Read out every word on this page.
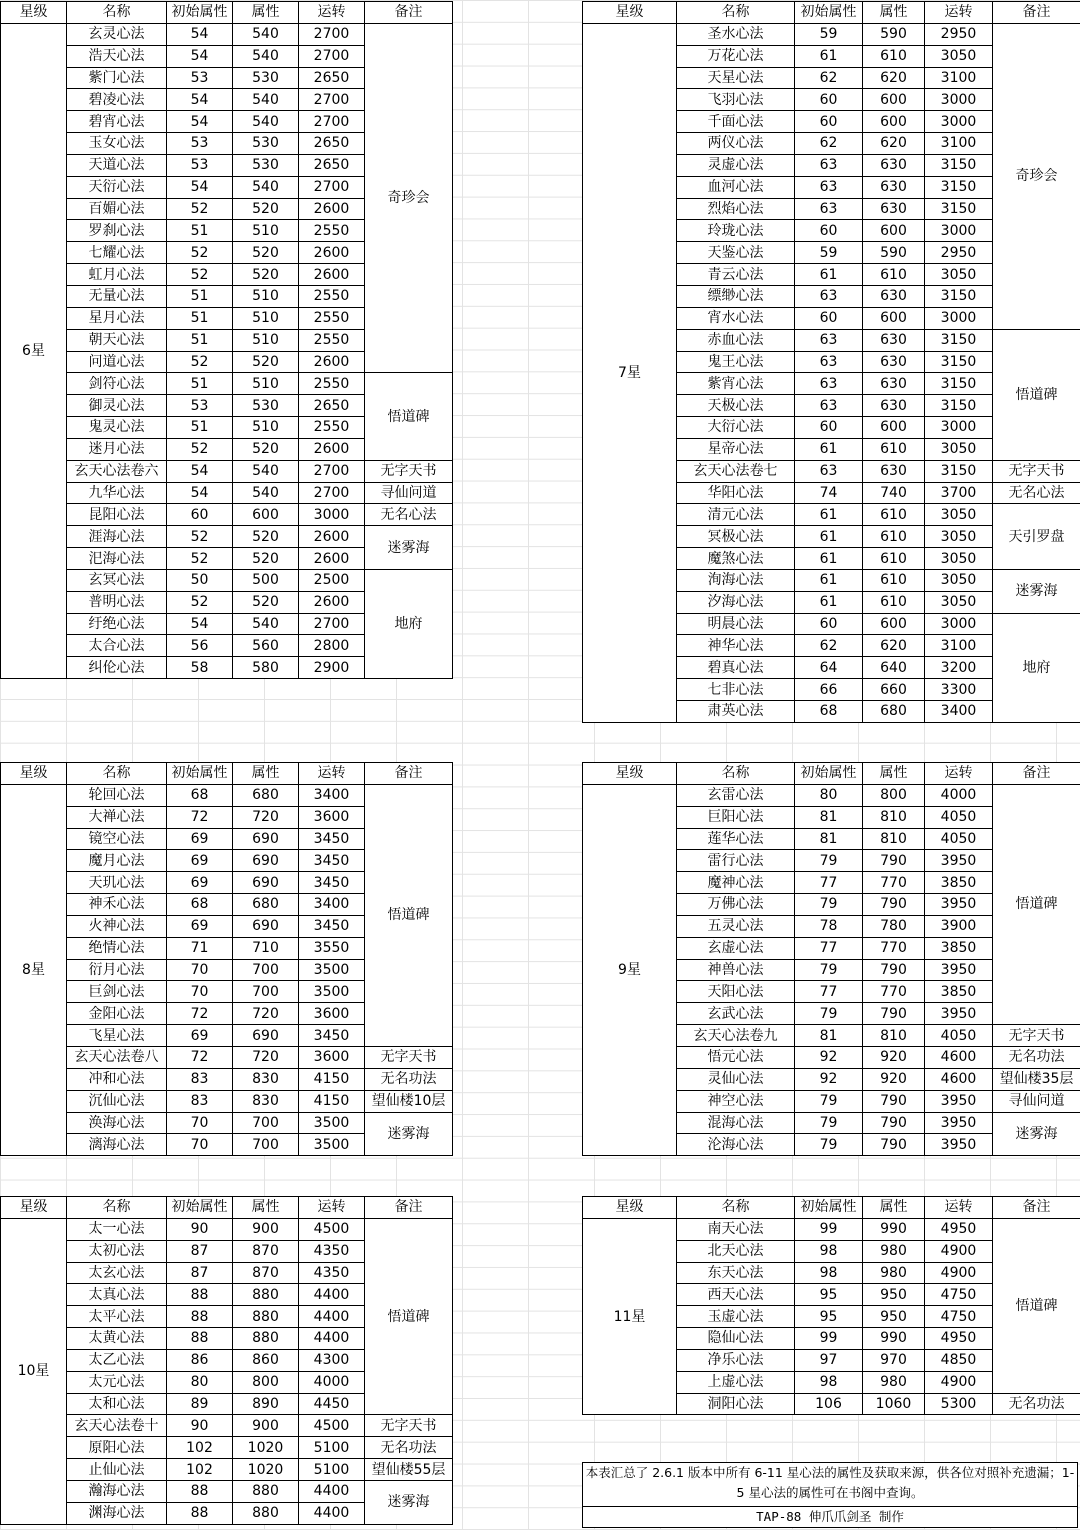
星级	名称	初始属性	属性	运转	备注
6星	玄灵心法	54	540	2700	奇珍会
	浩天心法	54	540	2700	
	紫门心法	53	530	2650	
	碧凌心法	54	540	2700	
	碧宵心法	54	540	2700	
	玉女心法	53	530	2650	
	天道心法	53	530	2650	
	天衍心法	54	540	2700	
	百媚心法	52	520	2600	
	罗刹心法	51	510	2550	
	七耀心法	52	520	2600	
	虹月心法	52	520	2600	
	无量心法	51	510	2550	
	星月心法	51	510	2550	
	朝天心法	51	510	2550	
	问道心法	52	520	2600	
	剑符心法	51	510	2550	悟道碑
	御灵心法	53	530	2650	
	鬼灵心法	51	510	2550	
	迷月心法	52	520	2600	
	玄天心法卷六	54	540	2700	无字天书
	九华心法	54	540	2700	寻仙问道
	昆阳心法	60	600	3000	无名心法
	涯海心法	52	520	2600	迷雾海
	汜海心法	52	520	2600	
	玄冥心法	50	500	2500	地府
	普明心法	52	520	2600	
	纡绝心法	54	540	2700	
	太合心法	56	560	2800	
	纠伦心法	58	580	2900	
星级	名称	初始属性	属性	运转	备注
7星	圣水心法	59	590	2950	奇珍会
	万花心法	61	610	3050	
	天星心法	62	620	3100	
	飞羽心法	60	600	3000	
	千面心法	60	600	3000	
	两仪心法	62	620	3100	
	灵虚心法	63	630	3150	
	血河心法	63	630	3150	
	烈焰心法	63	630	3150	
	玲珑心法	60	600	3000	
	天鉴心法	59	590	2950	
	青云心法	61	610	3050	
	缥缈心法	63	630	3150	
	宵水心法	60	600	3000	
	赤血心法	63	630	3150	悟道碑
	鬼王心法	63	630	3150	
	紫宵心法	63	630	3150	
	天极心法	63	630	3150	
	大衍心法	60	600	3000	
	星帝心法	61	610	3050	
	玄天心法卷七	63	630	3150	无字天书
	华阳心法	74	740	3700	无名心法
	清元心法	61	610	3050	天引罗盘
	冥极心法	61	610	3050	
	魔煞心法	61	610	3050	
	洵海心法	61	610	3050	迷雾海
	汐海心法	61	610	3050	
	明晨心法	60	600	3000	地府
	神华心法	62	620	3100	
	碧真心法	64	640	3200	
	七非心法	66	660	3300	
	肃英心法	68	680	3400	
星级	名称	初始属性	属性	运转	备注
8星	轮回心法	68	680	3400	悟道碑
	大禅心法	72	720	3600	
	镜空心法	69	690	3450	
	魔月心法	69	690	3450	
	天玑心法	69	690	3450	
	神禾心法	68	680	3400	
	火神心法	69	690	3450	
	绝情心法	71	710	3550	
	衍月心法	70	700	3500	
	巨剑心法	70	700	3500	
	金阳心法	72	720	3600	
	飞星心法	69	690	3450	
	玄天心法卷八	72	720	3600	无字天书
	冲和心法	83	830	4150	无名功法
	沉仙心法	83	830	4150	望仙楼10层
	涣海心法	70	700	3500	迷雾海
	漓海心法	70	700	3500	
星级	名称	初始属性	属性	运转	备注
9星	玄雷心法	80	800	4000	悟道碑
	巨阳心法	81	810	4050	
	莲华心法	81	810	4050	
	雷行心法	79	790	3950	
	魔神心法	77	770	3850	
	万佛心法	79	790	3950	
	五灵心法	78	780	3900	
	玄虚心法	77	770	3850	
	神兽心法	79	790	3950	
	天阳心法	77	770	3850	
	玄武心法	79	790	3950	
	玄天心法卷九	81	810	4050	无字天书
	悟元心法	92	920	4600	无名功法
	灵仙心法	92	920	4600	望仙楼35层
	神空心法	79	790	3950	寻仙问道
	混海心法	79	790	3950	迷雾海
	沦海心法	79	790	3950	
星级	名称	初始属性	属性	运转	备注
10星	太一心法	90	900	4500	悟道碑
	太初心法	87	870	4350	
	太玄心法	87	870	4350	
	太真心法	88	880	4400	
	太平心法	88	880	4400	
	太黄心法	88	880	4400	
	太乙心法	86	860	4300	
	太元心法	80	800	4000	
	太和心法	89	890	4450	
	玄天心法卷十	90	900	4500	无字天书
	原阳心法	102	1020	5100	无名功法
	止仙心法	102	1020	5100	望仙楼55层
	瀚海心法	88	880	4400	迷雾海
	渊海心法	88	880	4400	
星级	名称	初始属性	属性	运转	备注
11星	南天心法	99	990	4950	悟道碑
	北天心法	98	980	4900	
	东天心法	98	980	4900	
	西天心法	95	950	4750	
	玉虚心法	95	950	4750	
	隐仙心法	99	990	4950	
	净乐心法	97	970	4850	
	上虚心法	98	980	4900	
	洞阳心法	106	1060	5300	无名功法
本表汇总了 2.6.1 版本中所有 6-11 星心法的属性及获取来源，供各位对照补充遗漏；1-5 星心法的属性可在书阁中查询。
TAP-88 伸爪爪剑圣 制作
